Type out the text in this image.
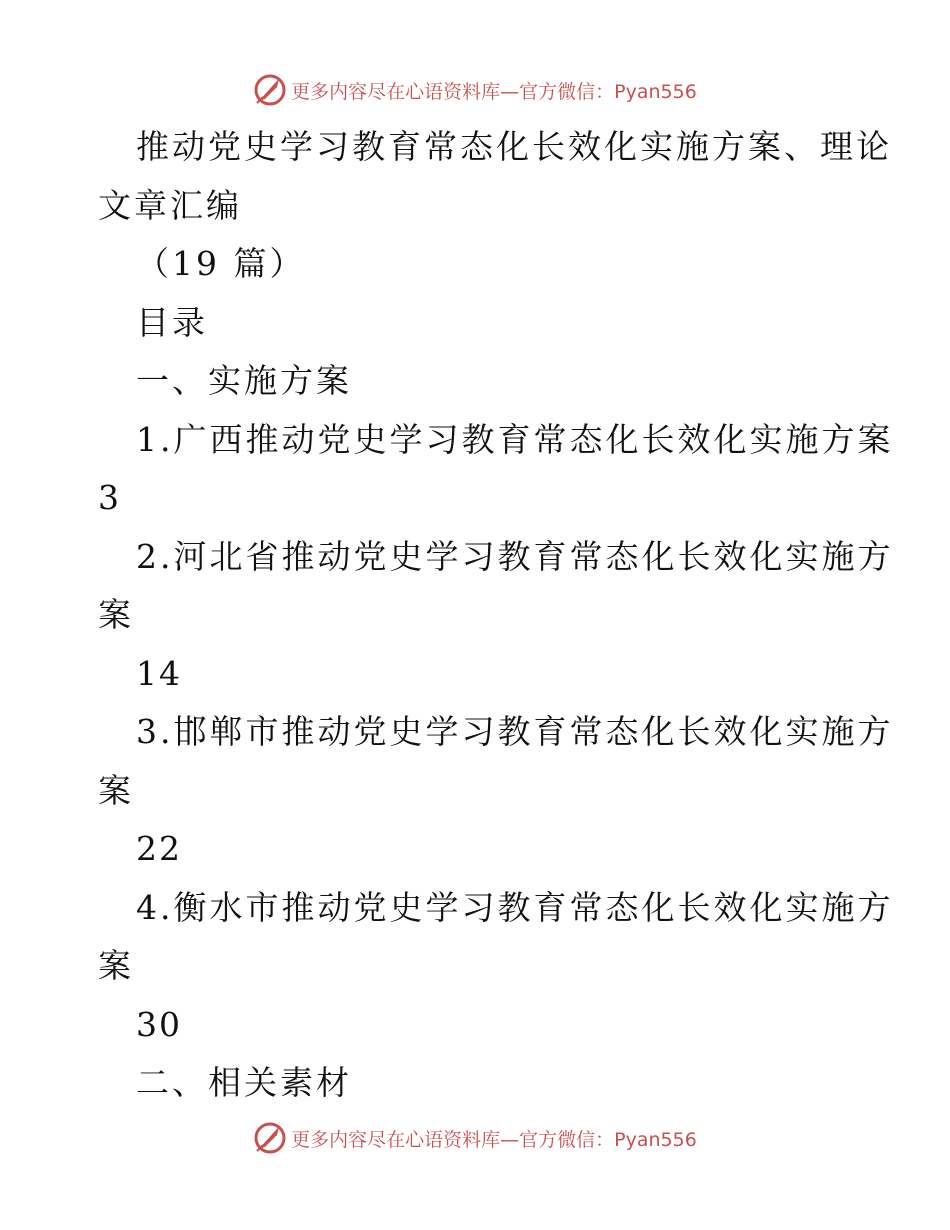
更多内容尽在心语资料库—官方微信：Pyan556
推动党史学习教育常态化长效化实施方案、理论
文章汇编
（19 篇）
目录
一、实施方案
1.广西推动党史学习教育常态化长效化实施方案
3
2.河北省推动党史学习教育常态化长效化实施方
案
14
3.邯郸市推动党史学习教育常态化长效化实施方
案
22
4.衡水市推动党史学习教育常态化长效化实施方
案
30
二、相关素材
更多内容尽在心语资料库—官方微信：Pyan556
